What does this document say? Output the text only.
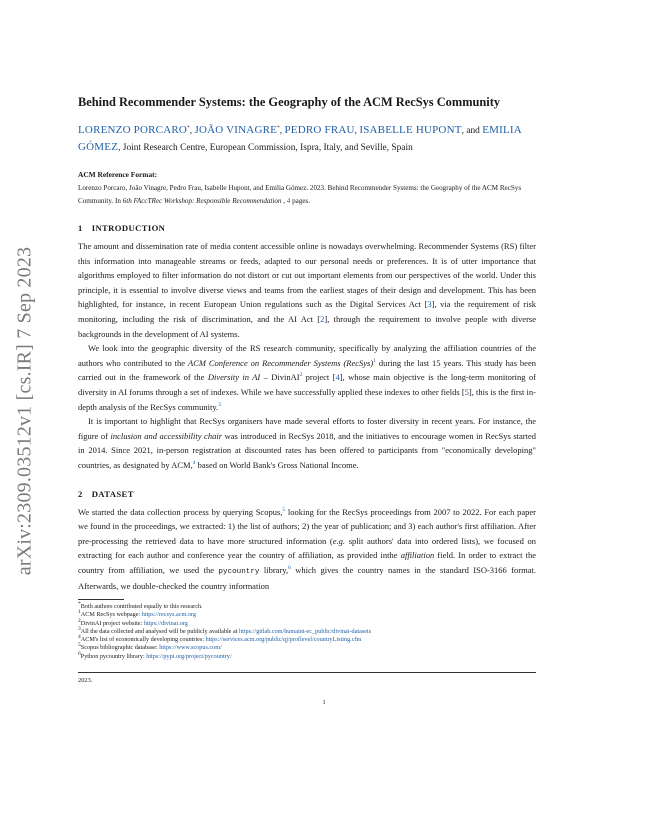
arXiv:2309.03512v1 [cs.IR] 7 Sep 2023
Behind Recommender Systems: the Geography of the ACM RecSys Community
LORENZO PORCARO*, JOÃO VINAGRE*, PEDRO FRAU, ISABELLE HUPONT, and EMILIA GÓMEZ, Joint Research Centre, European Commission, Ispra, Italy, and Seville, Spain
ACM Reference Format:
Lorenzo Porcaro, João Vinagre, Pedro Frau, Isabelle Hupont, and Emilia Gómez. 2023. Behind Recommender Systems: the Geography of the ACM RecSys Community. In 6th FAccTRec Workshop: Responsible Recommendation , 4 pages.
1 INTRODUCTION

The amount and dissemination rate of media content accessible online is nowadays overwhelming. Recommender Systems (RS) filter this information into manageable streams or feeds, adapted to our personal needs or preferences. It is of utter importance that algorithms employed to filter information do not distort or cut out important elements from our perspectives of the world. Under this principle, it is essential to involve diverse views and teams from the earliest stages of their design and development. This has been highlighted, for instance, in recent European Union regulations such as the Digital Services Act [3], via the requirement of risk monitoring, including the risk of discrimination, and the AI Act [2], through the requirement to involve people with diverse backgrounds in the development of AI systems.

We look into the geographic diversity of the RS research community, specifically by analyzing the affiliation countries of the authors who contributed to the ACM Conference on Recommender Systems (RecSys)$^1$ during the last 15 years. This study has been carried out in the framework of the Diversity in AI – DivinAI$^2$ project [4], whose main objective is the long-term monitoring of diversity in AI forums through a set of indexes. While we have successfully applied these indexes to other fields [5], this is the first in-depth analysis of the RecSys community.$^3$

It is important to highlight that RecSys organisers have made several efforts to foster diversity in recent years. For instance, the figure of inclusion and accessibility chair was introduced in RecSys 2018, and the initiatives to encourage women in RecSys started in 2014. Since 2021, in-person registration at discounted rates has been offered to participants from "economically developing" countries, as designated by ACM,$^4$ based on World Bank's Gross National Income.

2 DATASET

We started the data collection process by querying Scopus,$^5$ looking for the RecSys proceedings from 2007 to 2022. For each paper we found in the proceedings, we extracted: 1) the list of authors; 2) the year of publication; and 3) each author's first affiliation. After pre-processing the retrieved data to have more structured information (e.g. split authors' data into ordered lists), we focused on extracting for each author and conference year the country of affiliation, as provided inthe affiliation field. In order to extract the country from affiliation, we used the pycountry library,$^6$ which gives the country names in the standard ISO-3166 format. Afterwards, we double-checked the country information

*Both authors contributed equally to this research.

$^1$ACM RecSys webpage: https://recsys.acm.org

$^2$DivinAI project website: https://divinai.org

$^3$All the data collected and analysed will be publicly available at https://gitlab.com/humaint-ec_public/divinai-datasets

$^4$ACM's list of economically developing countries: https://services.acm.org/public/qj/proflevel/countryListing.cfm

$^5$Scopus bibliographic database: https://www.scopus.com/

$^6$Python pycountry library: https://pypi.org/project/pycountry/

2023.
1
